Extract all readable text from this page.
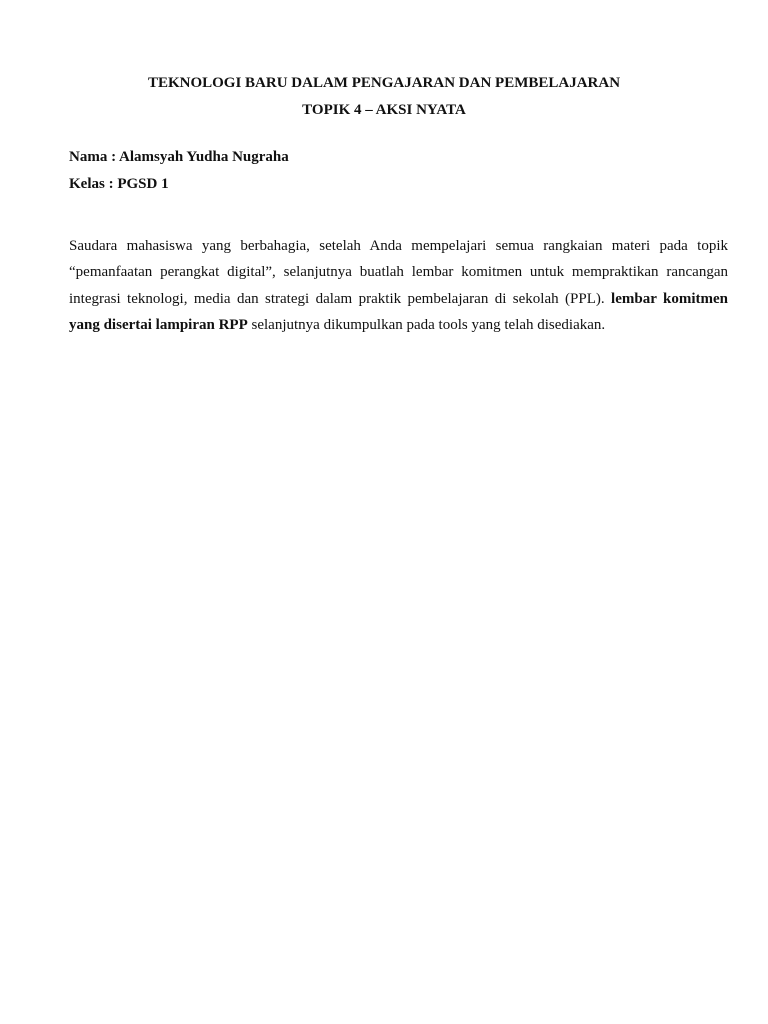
TEKNOLOGI BARU DALAM PENGAJARAN DAN PEMBELAJARAN
TOPIK 4 – AKSI NYATA
Nama : Alamsyah Yudha Nugraha
Kelas : PGSD 1

Saudara mahasiswa yang berbahagia, setelah Anda mempelajari semua rangkaian materi pada topik “pemanfaatan perangkat digital”, selanjutnya buatlah lembar komitmen untuk mempraktikan rancangan integrasi teknologi, media dan strategi dalam praktik pembelajaran di sekolah (PPL). lembar komitmen yang disertai lampiran RPP selanjutnya dikumpulkan pada tools yang telah disediakan.
